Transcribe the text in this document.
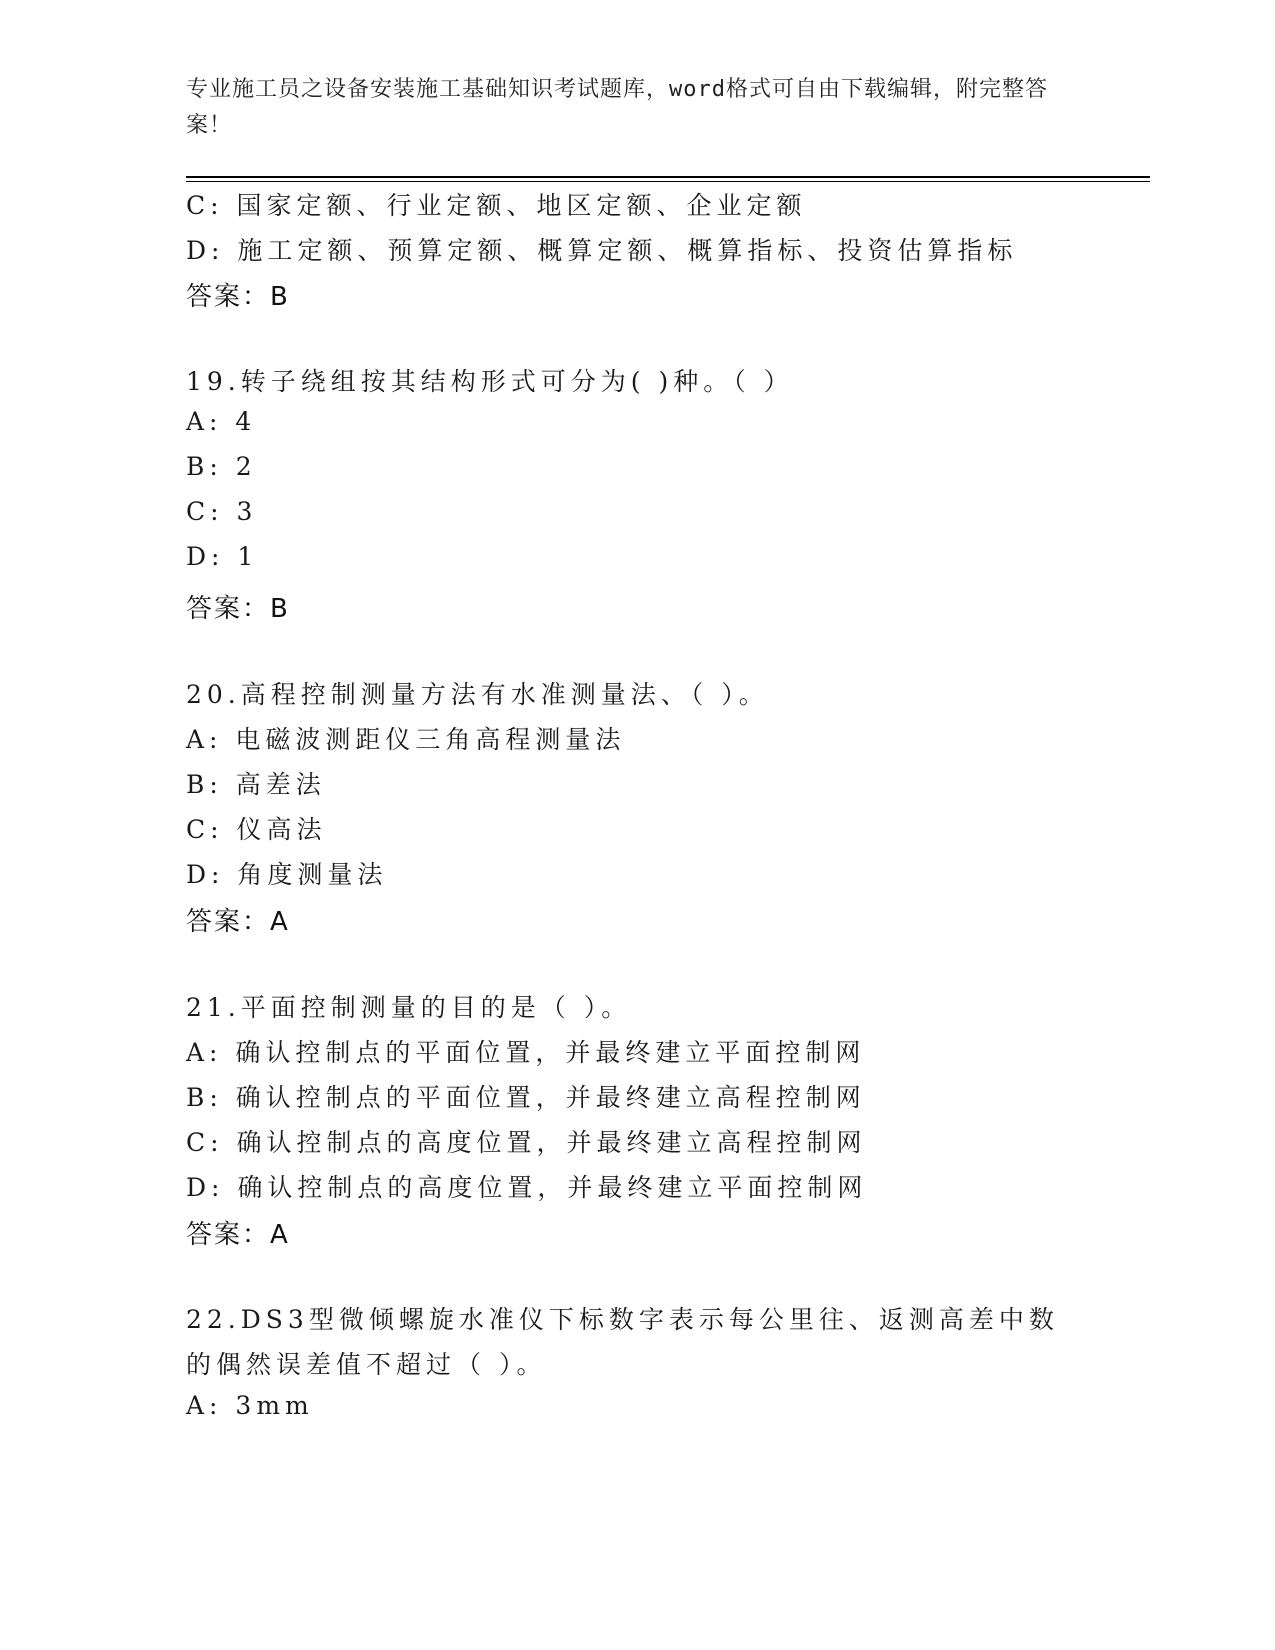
专业施工员之设备安装施工基础知识考试题库，word格式可自由下载编辑，附完整答案！
C: 国家定额、行业定额、地区定额、企业定额
D: 施工定额、预算定额、概算定额、概算指标、投资估算指标
答案：B
19.转子绕组按其结构形式可分为( )种。（ ）
A: 4
B: 2
C: 3
D: 1
答案：B
20.高程控制测量方法有水准测量法、（ ）。
A: 电磁波测距仪三角高程测量法
B: 高差法
C: 仪高法
D: 角度测量法
答案：A
21.平面控制测量的目的是（ ）。
A: 确认控制点的平面位置，并最终建立平面控制网
B: 确认控制点的平面位置，并最终建立高程控制网
C: 确认控制点的高度位置，并最终建立高程控制网
D: 确认控制点的高度位置，并最终建立平面控制网
答案：A
22.DS3型微倾螺旋水准仪下标数字表示每公里往、返测高差中数的偶然误差值不超过（ ）。
A: 3mm
